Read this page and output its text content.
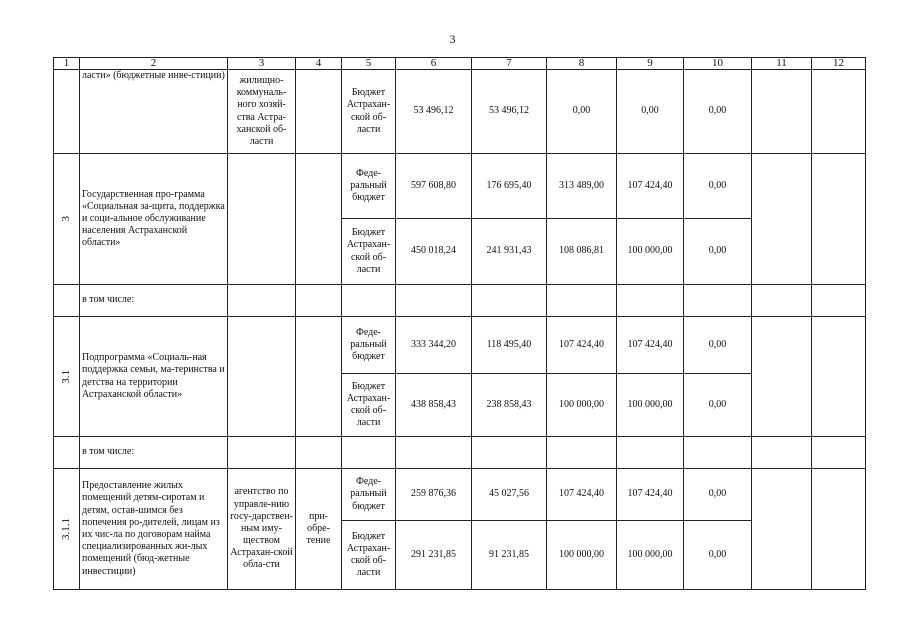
3
1	2	3	4	5	6	7	8	9	10	11	12
	ласти» (бюджетные инве-стиции)	жилищно-коммуналь-ного хозяй-ства Астра-ханской об-ласти		Бюджет Астрахан-ской об-ласти	53 496,12	53 496,12	0,00	0,00	0,00		

3	Государственная про-грамма «Социальная за-щита, поддержка и соци-альное обслуживание населения Астраханской области»			Феде-ральный бюджет	597 608,80	176 695,40	313 489,00	107 424,40	0,00		
				Бюджет Астрахан-ской об-ласти	450 018,24	241 931,43	108 086,81	100 000,00	0,00		
	в том числе:										

3.1	Подпрограмма «Социаль-ная поддержка семьи, ма-теринства и детства на территории Астраханской области»			Феде-ральный бюджет	333 344,20	118 495,40	107 424,40	107 424,40	0,00		
				Бюджет Астрахан-ской об-ласти	438 858,43	238 858,43	100 000,00	100 000,00	0,00		
	в том числе:										

3.1.1	Предоставление жилых помещений детям-сиротам и детям, остав-шимся без попечения ро-дителей, лицам из их чис-ла по договорам найма специализированных жи-лых помещений (бюд-жетные инвестиции)	агентство по управле-нию госу-дарствен-ным иму-ществом Астрахан-ской обла-сти	при-обре-тение	Феде-ральный бюджет	259 876,36	45 027,56	107 424,40	107 424,40	0,00		
				Бюджет Астрахан-ской об-ласти	291 231,85	91 231,85	100 000,00	100 000,00	0,00		
